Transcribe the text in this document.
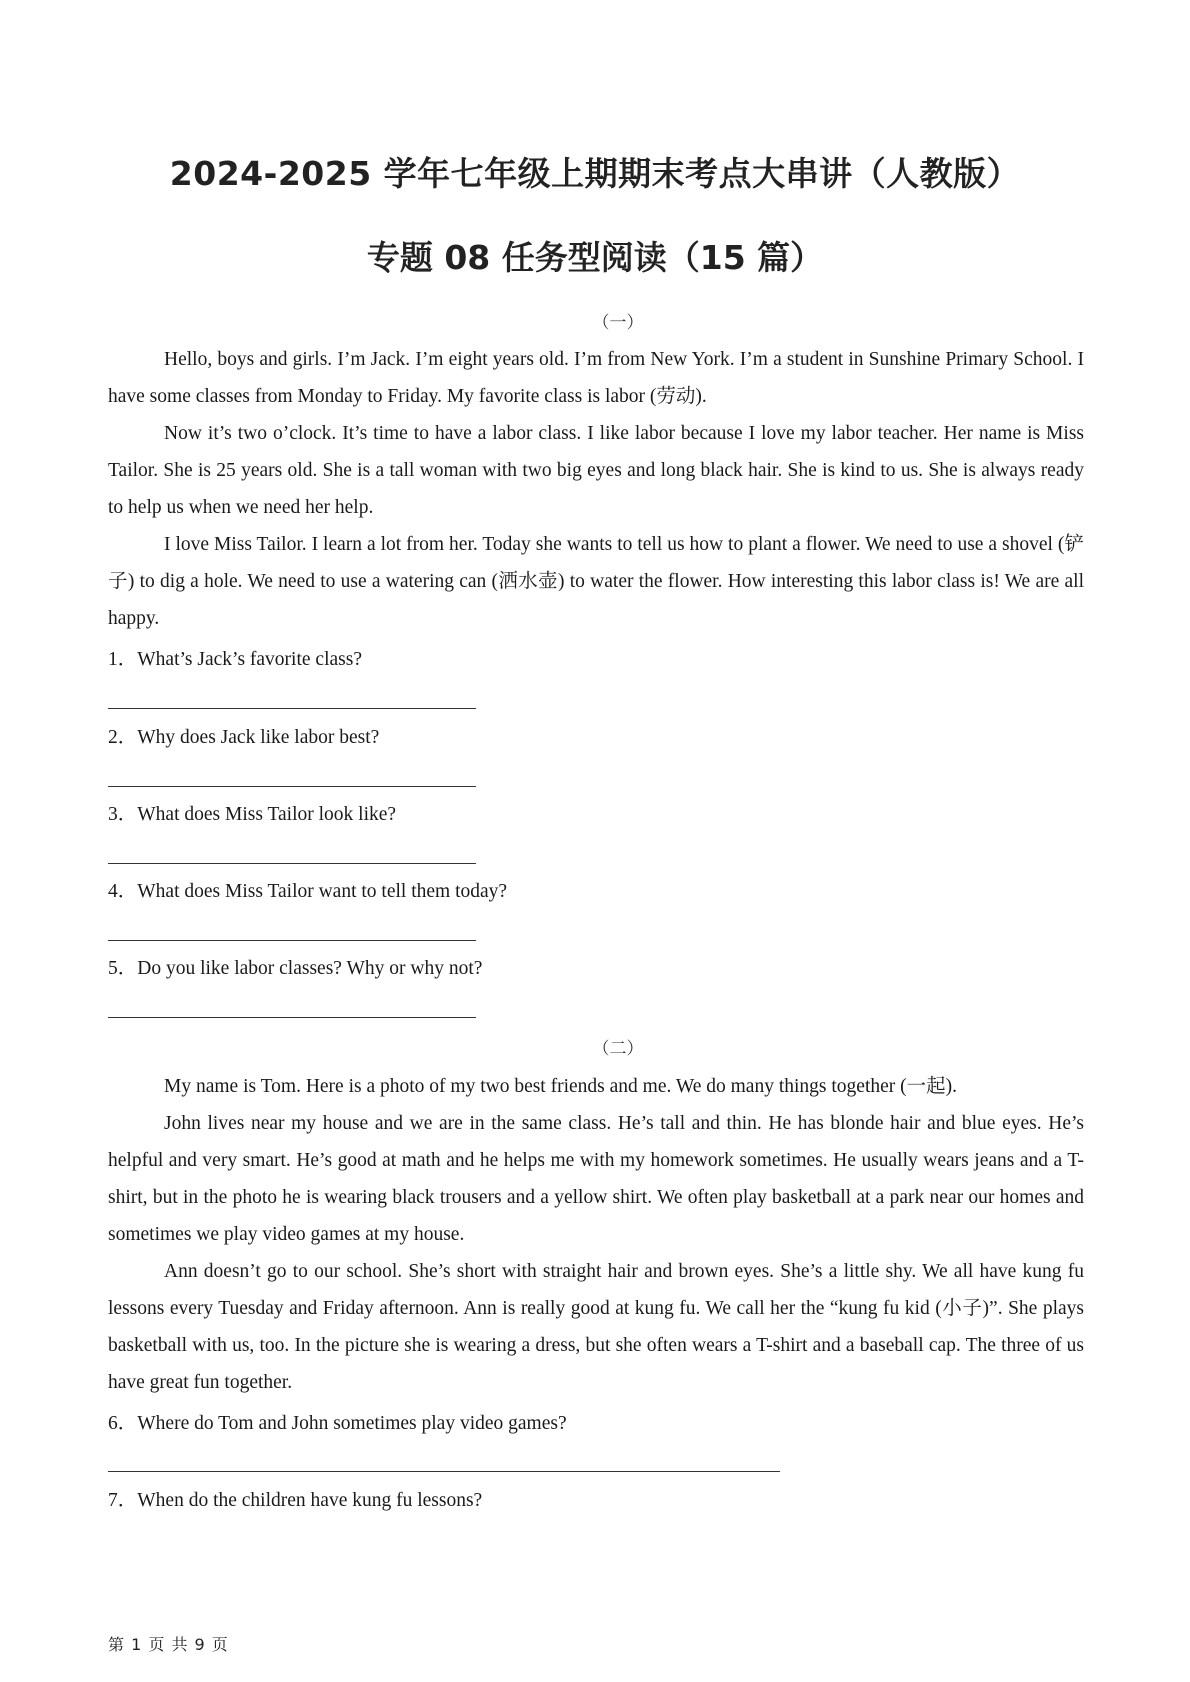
2024-2025 学年七年级上期期末考点大串讲（人教版）
专题 08 任务型阅读（15 篇）
（一）

Hello, boys and girls. I’m Jack. I’m eight years old. I’m from New York. I’m a student in Sunshine Primary School. I have some classes from Monday to Friday. My favorite class is labor (劳动).

Now it’s two o’clock. It’s time to have a labor class. I like labor because I love my labor teacher. Her name is Miss Tailor. She is 25 years old. She is a tall woman with two big eyes and long black hair. She is kind to us. She is always ready to help us when we need her help.

I love Miss Tailor. I learn a lot from her. Today she wants to tell us how to plant a flower. We need to use a shovel (铲子) to dig a hole. We need to use a watering can (洒水壶) to water the flower. How interesting this labor class is! We are all happy.

1．What’s Jack’s favorite class?
2．Why does Jack like labor best?
3．What does Miss Tailor look like?
4．What does Miss Tailor want to tell them today?
5．Do you like labor classes? Why or why not?
（二）

My name is Tom. Here is a photo of my two best friends and me. We do many things together (一起).

John lives near my house and we are in the same class. He’s tall and thin. He has blonde hair and blue eyes. He’s helpful and very smart. He’s good at math and he helps me with my homework sometimes. He usually wears jeans and a T-shirt, but in the photo he is wearing black trousers and a yellow shirt. We often play basketball at a park near our homes and sometimes we play video games at my house.

Ann doesn’t go to our school. She’s short with straight hair and brown eyes. She’s a little shy. We all have kung fu lessons every Tuesday and Friday afternoon. Ann is really good at kung fu. We call her the “kung fu kid (小子)”. She plays basketball with us, too. In the picture she is wearing a dress, but she often wears a T-shirt and a baseball cap. The three of us have great fun together.

6．Where do Tom and John sometimes play video games?
7．When do the children have kung fu lessons?
第 1 页 共 9 页
